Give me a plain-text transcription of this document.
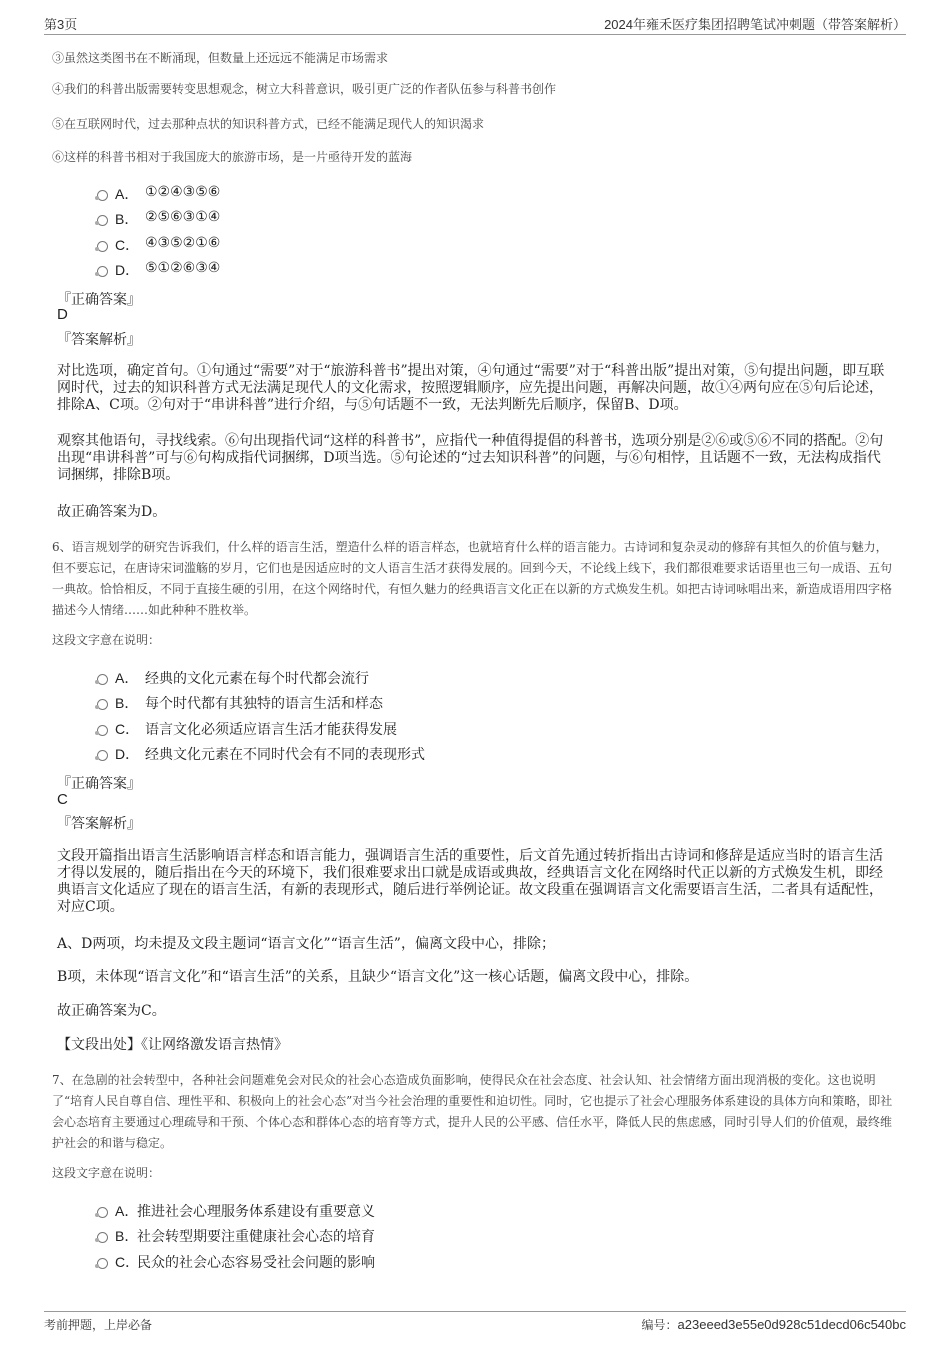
第3页	2024年雍禾医疗集团招聘笔试冲刺题（带答案解析）
③虽然这类图书在不断涌现，但数量上还远远不能满足市场需求
④我们的科普出版需要转变思想观念，树立大科普意识，吸引更广泛的作者队伍参与科普书创作
⑤在互联网时代，过去那种点状的知识科普方式，已经不能满足现代人的知识渴求
⑥这样的科普书相对于我国庞大的旅游市场，是一片亟待开发的蓝海
A． ①②④③⑤⑥
B． ②⑤⑥③①④
C． ④③⑤②①⑥
D． ⑤①②⑥③④
『正确答案』
D
『答案解析』
对比选项，确定首句。①句通过“需要”对于“旅游科普书”提出对策，④句通过“需要”对于“科普出版”提出对策，⑤句提出问题，即互联网时代，过去的知识科普方式无法满足现代人的文化需求，按照逻辑顺序，应先提出问题，再解决问题，故①④两句应在⑤句后论述，排除A、C项。②句对于“串讲科普”进行介绍，与⑤句话题不一致，无法判断先后顺序，保留B、D项。
观察其他语句，寻找线索。⑥句出现指代词“这样的科普书”，应指代一种值得提倡的科普书，选项分别是②⑥或⑤⑥不同的搭配。②句出现“串讲科普”可与⑥句构成指代词捆绑，D项当选。⑤句论述的“过去知识科普”的问题，与⑥句相悖，且话题不一致，无法构成指代词捆绑，排除B项。
故正确答案为D。
6、语言规划学的研究告诉我们，什么样的语言生活，塑造什么样的语言样态，也就培育什么样的语言能力。古诗词和复杂灵动的修辞有其恒久的价值与魅力，但不要忘记，在唐诗宋词滥觞的岁月，它们也是因适应时的文人语言生活才获得发展的。回到今天，不论线上线下，我们都很难要求话语里也三句一成语、五句一典故。恰恰相反，不同于直接生硬的引用，在这个网络时代，有恒久魅力的经典语言文化正在以新的方式焕发生机。如把古诗词咏唱出来，新造成语用四字格描述今人情绪……如此种种不胜枚举。
这段文字意在说明：
A． 经典的文化元素在每个时代都会流行
B． 每个时代都有其独特的语言生活和样态
C． 语言文化必须适应语言生活才能获得发展
D． 经典文化元素在不同时代会有不同的表现形式
『正确答案』
C
『答案解析』
文段开篇指出语言生活影响语言样态和语言能力，强调语言生活的重要性，后文首先通过转折指出古诗词和修辞是适应当时的语言生活才得以发展的，随后指出在今天的环境下，我们很难要求出口就是成语或典故，经典语言文化在网络时代正以新的方式焕发生机，即经典语言文化适应了现在的语言生活，有新的表现形式，随后进行举例论证。故文段重在强调语言文化需要语言生活，二者具有适配性，对应C项。
A、D两项，均未提及文段主题词“语言文化”“语言生活”，偏离文段中心，排除；
B项，未体现“语言文化”和“语言生活”的关系，且缺少“语言文化”这一核心话题，偏离文段中心，排除。
故正确答案为C。
【文段出处】《让网络激发语言热情》
7、在急剧的社会转型中，各种社会问题难免会对民众的社会心态造成负面影响，使得民众在社会态度、社会认知、社会情绪方面出现消极的变化。这也说明了“培育人民自尊自信、理性平和、积极向上的社会心态”对当今社会治理的重要性和迫切性。同时，它也提示了社会心理服务体系建设的具体方向和策略，即社会心态培育主要通过心理疏导和干预、个体心态和群体心态的培育等方式，提升人民的公平感、信任水平，降低人民的焦虑感，同时引导人们的价值观，最终维护社会的和谐与稳定。
这段文字意在说明：
A．
推进社会心理服务体系建设有重要意义
B．
社会转型期要注重健康社会心态的培育
C．
民众的社会心态容易受社会问题的影响
考前押题，上岸必备	编号：a23eeed3e55e0d928c51decd06c540bc
